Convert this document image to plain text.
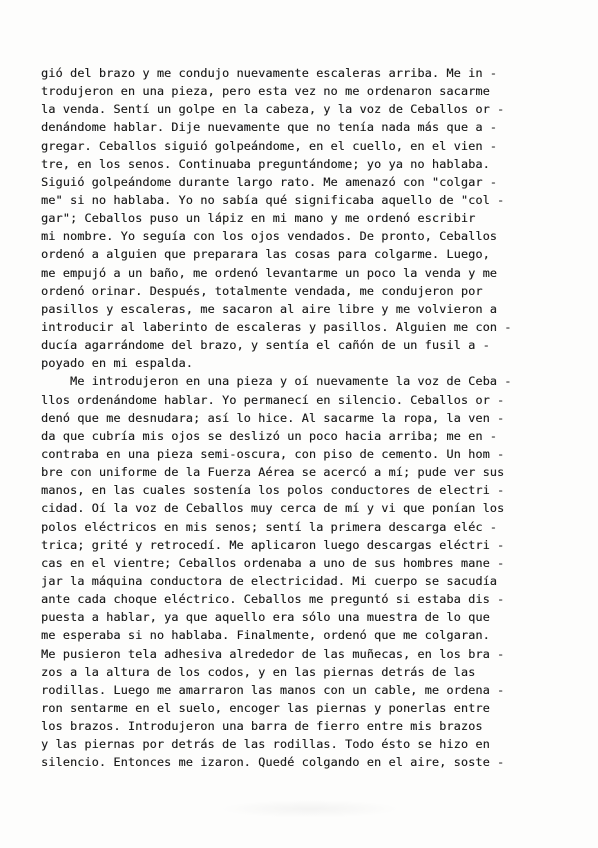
gió del brazo y me condujo nuevamente escaleras arriba. Me in -
trodujeron en una pieza, pero esta vez no me ordenaron sacarme
la venda. Sentí un golpe en la cabeza, y la voz de Ceballos or -
denándome hablar. Dije nuevamente que no tenía nada más que a -
gregar. Ceballos siguió golpeándome, en el cuello, en el vien -
tre, en los senos. Continuaba preguntándome; yo ya no hablaba.
Siguió golpeándome durante largo rato. Me amenazó con "colgar -
me" si no hablaba. Yo no sabía qué significaba aquello de "col -
gar"; Ceballos puso un lápiz en mi mano y me ordenó escribir
mi nombre. Yo seguía con los ojos vendados. De pronto, Ceballos
ordenó a alguien que preparara las cosas para colgarme. Luego,
me empujó a un baño, me ordenó levantarme un poco la venda y me
ordenó orinar. Después, totalmente vendada, me condujeron por
pasillos y escaleras, me sacaron al aire libre y me volvieron a
introducir al laberinto de escaleras y pasillos. Alguien me con -
ducía agarrándome del brazo, y sentía el cañón de un fusil a -
poyado en mi espalda.
Me introdujeron en una pieza y oí nuevamente la voz de Ceba -
llos ordenándome hablar. Yo permanecí en silencio. Ceballos or -
denó que me desnudara; así lo hice. Al sacarme la ropa, la ven -
da que cubría mis ojos se deslizó un poco hacia arriba; me en -
contraba en una pieza semi-oscura, con piso de cemento. Un hom -
bre con uniforme de la Fuerza Aérea se acercó a mí; pude ver sus
manos, en las cuales sostenía los polos conductores de electri -
cidad. Oí la voz de Ceballos muy cerca de mí y vi que ponían los
polos eléctricos en mis senos; sentí la primera descarga eléc -
trica; grité y retrocedí. Me aplicaron luego descargas eléctri -
cas en el vientre; Ceballos ordenaba a uno de sus hombres mane -
jar la máquina conductora de electricidad. Mi cuerpo se sacudía
ante cada choque eléctrico. Ceballos me preguntó si estaba dis -
puesta a hablar, ya que aquello era sólo una muestra de lo que
me esperaba si no hablaba. Finalmente, ordenó que me colgaran.
Me pusieron tela adhesiva alrededor de las muñecas, en los bra -
zos a la altura de los codos, y en las piernas detrás de las
rodillas. Luego me amarraron las manos con un cable, me ordena -
ron sentarme en el suelo, encoger las piernas y ponerlas entre
los brazos. Introdujeron una barra de fierro entre mis brazos
y las piernas por detrás de las rodillas. Todo ésto se hizo en
silencio. Entonces me izaron. Quedé colgando en el aire, soste -
